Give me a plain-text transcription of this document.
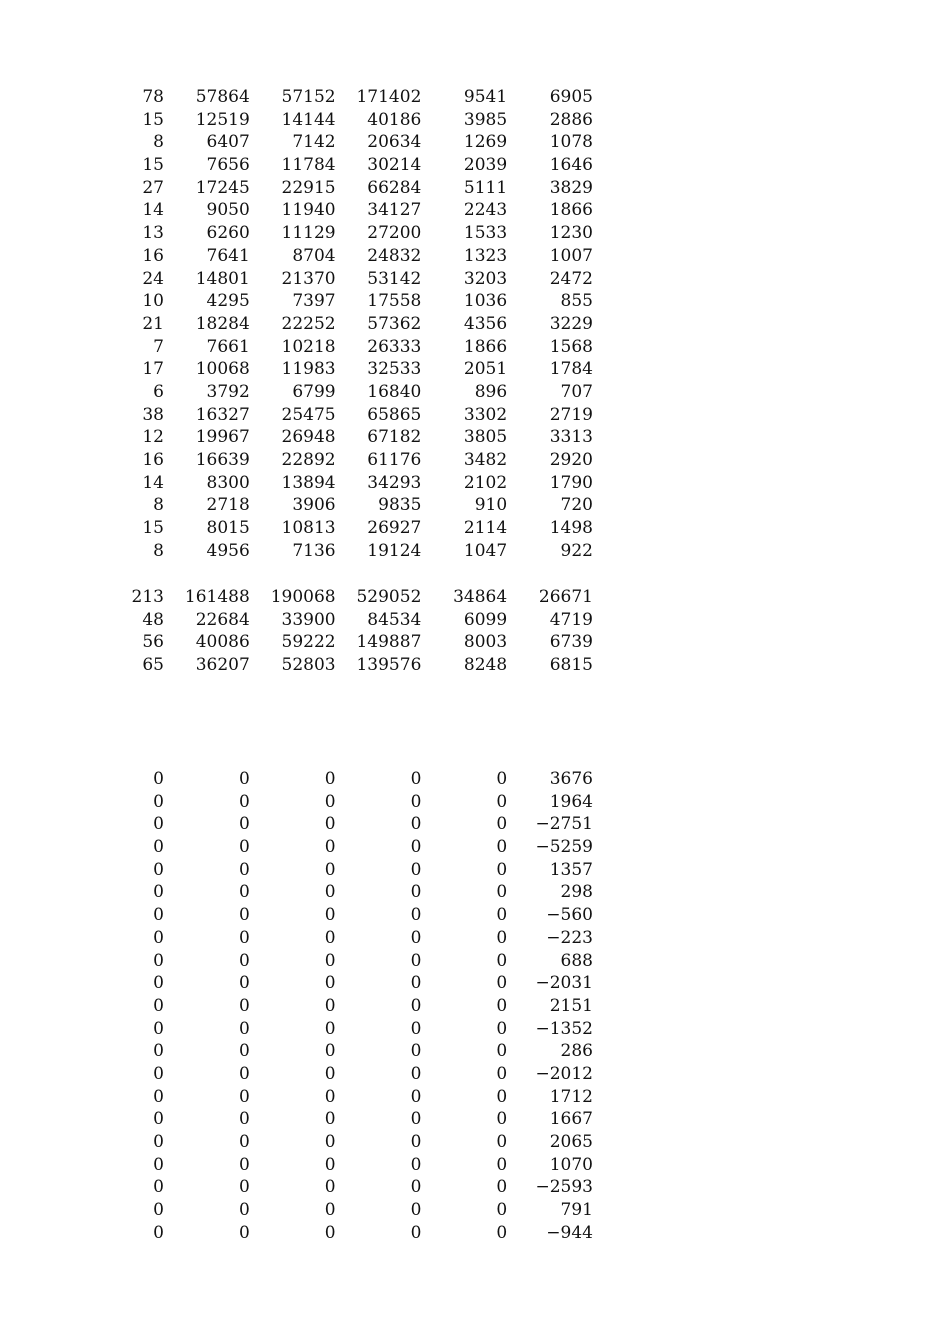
78	57864	57152	171402	9541	6905
15	12519	14144	40186	3985	2886
8	6407	7142	20634	1269	1078
15	7656	11784	30214	2039	1646
27	17245	22915	66284	5111	3829
14	9050	11940	34127	2243	1866
13	6260	11129	27200	1533	1230
16	7641	8704	24832	1323	1007
24	14801	21370	53142	3203	2472
10	4295	7397	17558	1036	855
21	18284	22252	57362	4356	3229
7	7661	10218	26333	1866	1568
17	10068	11983	32533	2051	1784
6	3792	6799	16840	896	707
38	16327	25475	65865	3302	2719
12	19967	26948	67182	3805	3313
16	16639	22892	61176	3482	2920
14	8300	13894	34293	2102	1790
8	2718	3906	9835	910	720
15	8015	10813	26927	2114	1498
8	4956	7136	19124	1047	922
213	161488	190068	529052	34864	26671
48	22684	33900	84534	6099	4719
56	40086	59222	149887	8003	6739
65	36207	52803	139576	8248	6815
0	0	0	0	0	3676
0	0	0	0	0	1964
0	0	0	0	0	−2751
0	0	0	0	0	−5259
0	0	0	0	0	1357
0	0	0	0	0	298
0	0	0	0	0	−560
0	0	0	0	0	−223
0	0	0	0	0	688
0	0	0	0	0	−2031
0	0	0	0	0	2151
0	0	0	0	0	−1352
0	0	0	0	0	286
0	0	0	0	0	−2012
0	0	0	0	0	1712
0	0	0	0	0	1667
0	0	0	0	0	2065
0	0	0	0	0	1070
0	0	0	0	0	−2593
0	0	0	0	0	791
0	0	0	0	0	−944
